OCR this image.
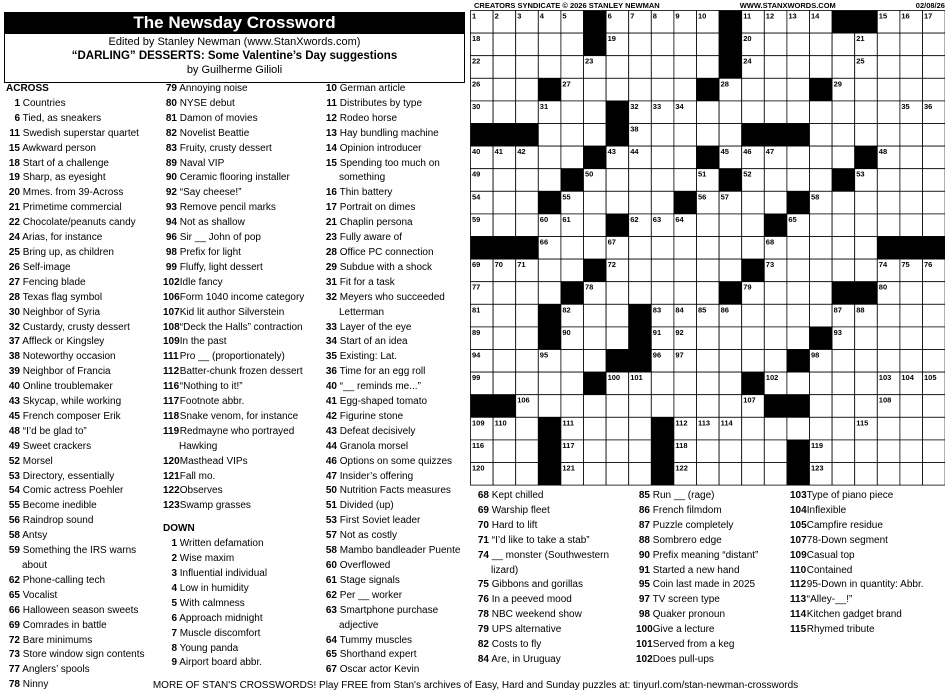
The Newsday Crossword
Edited by Stanley Newman (www.StanXwords.com)
“DARLING” DESSERTS: Some Valentine’s Day suggestions
by Guilherme Gilioli
CREATORS SYNDICATE © 2026 STANLEY NEWMAN	WWW.STANXWORDS.COM	02/08/26
1 2 3 4 5	6 7 8 9 10	11 12 13 14	15 16 17
18	19	20	21
22	23	24	25
26	27	28	29
30	31	32 33 34	35 36
37	38	39
40 41 42	43 44	45 46 47	48
49	50	51	52	53
54	55	56 57	58
59	60 61	62 63 64	65
66	67	68
69 70 71	72	73	74 75 76
77	78	79	80
81	82	83 84 85 86	87 88
89	90	91 92	93
94	95	96 97	98
99	100 101	102	103 104 105
106	107	108
109 110	111	112 113 114	115
116	117	118	119
120	121	122	123
ACROSS
1 Countries
6 Tied, as sneakers
11 Swedish superstar quartet
15 Awkward person
18 Start of a challenge
19 Sharp, as eyesight
20 Mmes. from 39-Across
21 Primetime commercial
22 Chocolate/peanuts candy
24 Arias, for instance
25 Bring up, as children
26 Self-image
27 Fencing blade
28 Texas flag symbol
30 Neighbor of Syria
32 Custardy, crusty dessert
37 Affleck or Kingsley
38 Noteworthy occasion
39 Neighbor of Francia
40 Online troublemaker
43 Skycap, while working
45 French composer Erik
48 “I’d be glad to”
49 Sweet crackers
52 Morsel
53 Directory, essentially
54 Comic actress Poehler
55 Become inedible
56 Raindrop sound
58 Antsy
59 Something the IRS warns
about
62 Phone-calling tech
65 Vocalist
66 Halloween season sweets
69 Comrades in battle
72 Bare minimums
73 Store window sign contents
77 Anglers’ spools
78 Ninny
79 Annoying noise
80 NYSE debut
81 Damon of movies
82 Novelist Beattie
83 Fruity, crusty dessert
89 Naval VIP
90 Ceramic flooring installer
92 “Say cheese!”
93 Remove pencil marks
94 Not as shallow
96 Sir __ John of pop
98 Prefix for light
99 Fluffy, light dessert
102 Idle fancy
106 Form 1040 income category
107 Kid lit author Silverstein
108 “Deck the Halls” contraction
109 In the past
111 Pro __ (proportionately)
112 Batter-chunk frozen dessert
116 “Nothing to it!”
117 Footnote abbr.
118 Snake venom, for instance
119 Redmayne who portrayed
Hawking
120 Masthead VIPs
121 Fall mo.
122 Observes
123 Swamp grasses
DOWN
1 Written defamation
2 Wise maxim
3 Influential individual
4 Low in humidity
5 With calmness
6 Approach midnight
7 Muscle discomfort
8 Young panda
9 Airport board abbr.
10 German article
11 Distributes by type
12 Rodeo horse
13 Hay bundling machine
14 Opinion introducer
15 Spending too much on
something
16 Thin battery
17 Portrait on dimes
21 Chaplin persona
23 Fully aware of
28 Office PC connection
29 Subdue with a shock
31 Fit for a task
32 Meyers who succeeded
Letterman
33 Layer of the eye
34 Start of an idea
35 Existing: Lat.
36 Time for an egg roll
40 “__ reminds me...”
41 Egg-shaped tomato
42 Figurine stone
43 Defeat decisively
44 Granola morsel
46 Options on some quizzes
47 Insider’s offering
50 Nutrition Facts measures
51 Divided (up)
53 First Soviet leader
57 Not as costly
58 Mambo bandleader Puente
60 Overflowed
61 Stage signals
62 Per __ worker
63 Smartphone purchase
adjective
64 Tummy muscles
65 Shorthand expert
67 Oscar actor Kevin
68 Kept chilled
69 Warship fleet
70 Hard to lift
71 “I’d like to take a stab”
74 __ monster (Southwestern
lizard)
75 Gibbons and gorillas
76 In a peeved mood
78 NBC weekend show
79 UPS alternative
82 Costs to fly
84 Are, in Uruguay
85 Run __ (rage)
86 French filmdom
87 Puzzle completely
88 Sombrero edge
90 Prefix meaning “distant”
91 Started a new hand
95 Coin last made in 2025
97 TV screen type
98 Quaker pronoun
100 Give a lecture
101 Served from a keg
102 Does pull-ups
103 Type of piano piece
104 Inflexible
105 Campfire residue
107 78-Down segment
109 Casual top
110 Contained
112 95-Down in quantity: Abbr.
113 “Alley-__!”
114 Kitchen gadget brand
115 Rhymed tribute
MORE OF STAN'S CROSSWORDS! Play FREE from Stan's archives of Easy, Hard and Sunday puzzles at: tinyurl.com/stan-newman-crosswords
